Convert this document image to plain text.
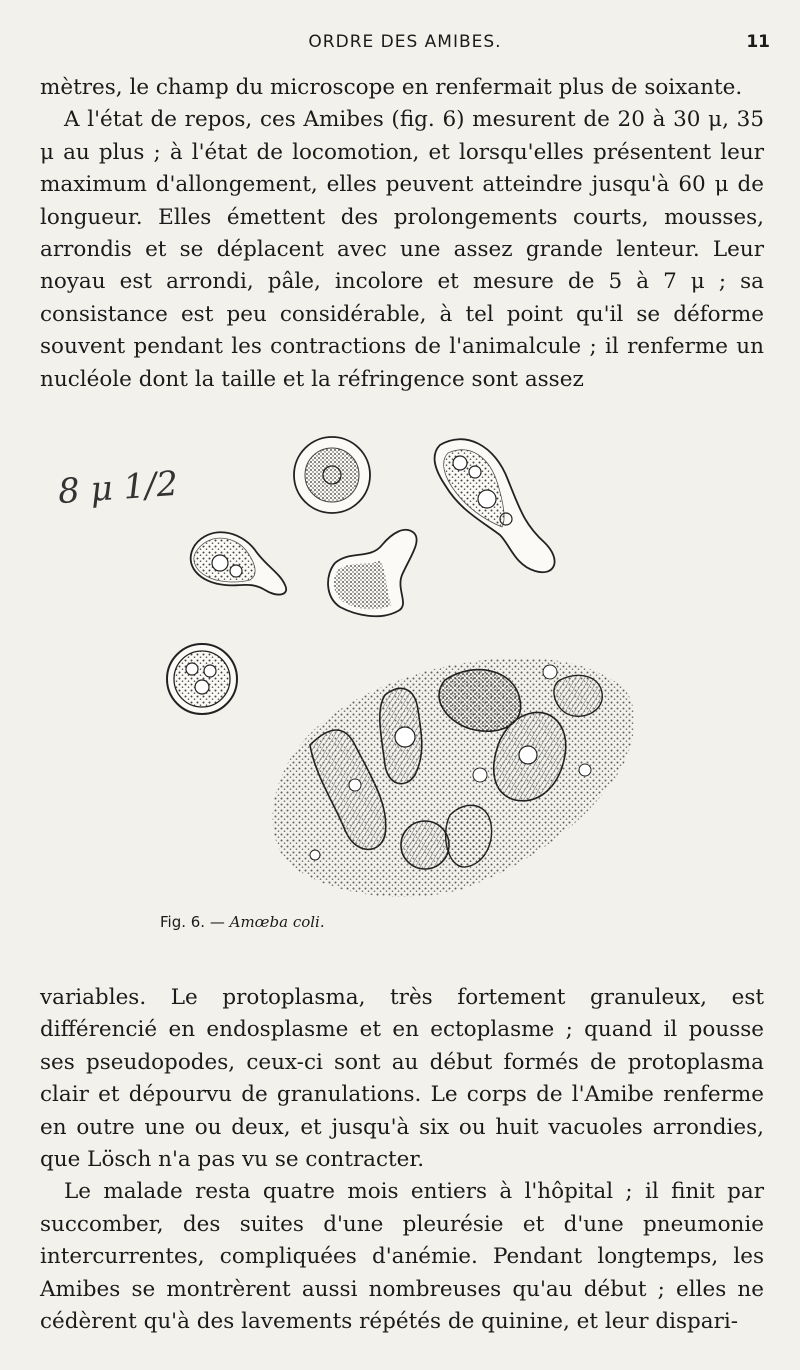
ORDRE DES AMIBES.	11

mètres, le champ du microscope en renfermait plus de soixante.

A l'état de repos, ces Amibes (fig. 6) mesurent de 20 à 30 μ, 35 μ au plus ; à l'état de locomotion, et lorsqu'elles présentent leur maximum d'allongement, elles peuvent atteindre jusqu'à 60 μ de longueur. Elles émettent des prolongements courts, mousses, arrondis et se déplacent avec une assez grande lenteur. Leur noyau est arrondi, pâle, incolore et mesure de 5 à 7 μ ; sa consistance est peu considérable, à tel point qu'il se déforme souvent pendant les contractions de l'animalcule ; il renferme un nucléole dont la taille et la réfringence sont assez

8 μ 1/2
Fig. 6. — Amœba coli.

variables. Le protoplasma, très fortement granuleux, est différencié en endosplasme et en ectoplasme ; quand il pousse ses pseudopodes, ceux-ci sont au début formés de protoplasma clair et dépourvu de granulations. Le corps de l'Amibe renferme en outre une ou deux, et jusqu'à six ou huit vacuoles arrondies, que Lösch n'a pas vu se contracter.

Le malade resta quatre mois entiers à l'hôpital ; il finit par succomber, des suites d'une pleurésie et d'une pneumonie intercurrentes, compliquées d'anémie. Pendant longtemps, les Amibes se montrèrent aussi nombreuses qu'au début ; elles ne cédèrent qu'à des lavements répétés de quinine, et leur dispari-
